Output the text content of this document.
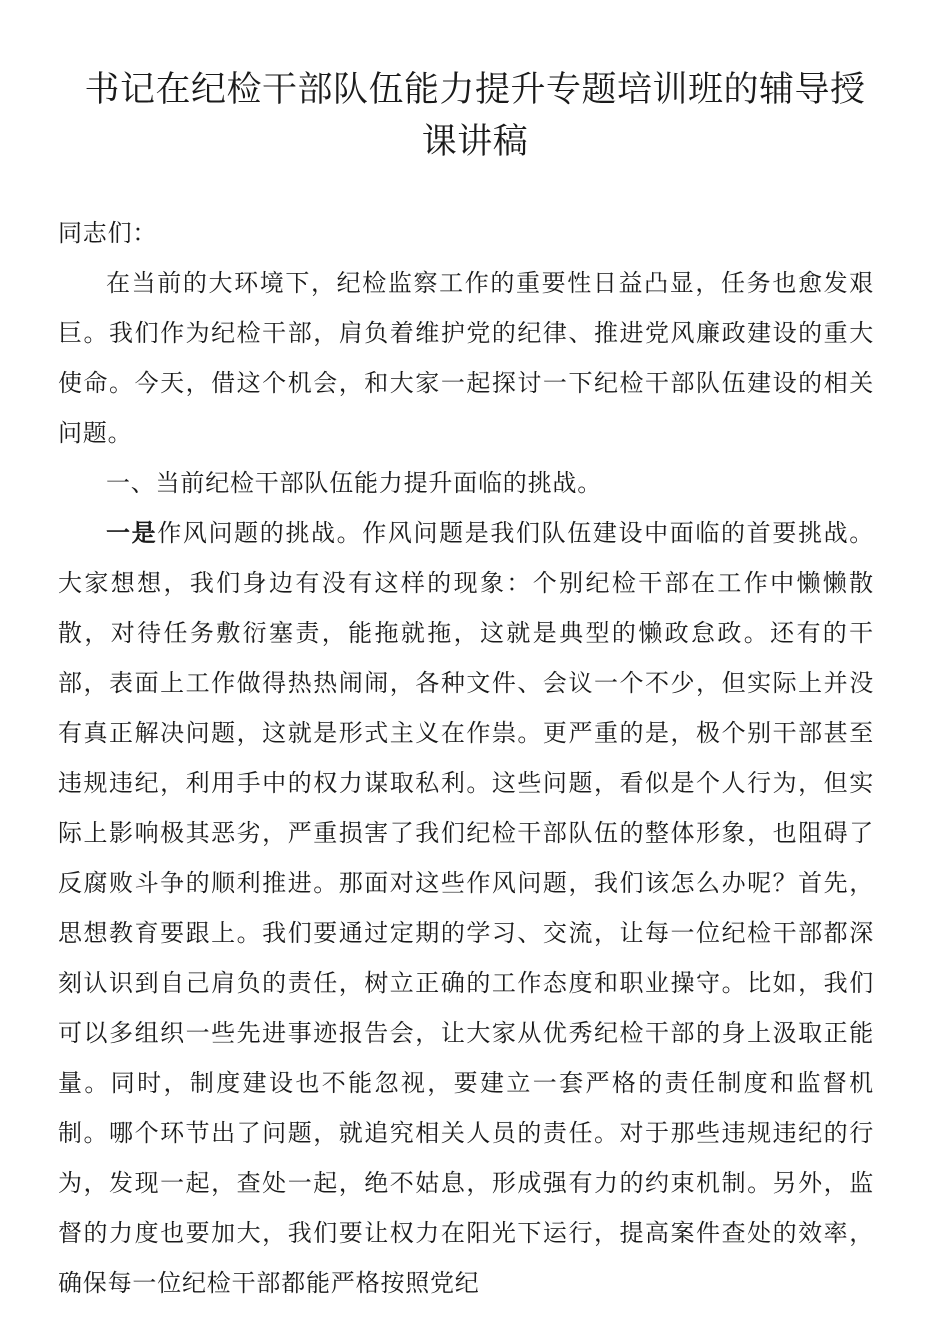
书记在纪检干部队伍能力提升专题培训班的辅导授课讲稿

同志们：

在当前的大环境下，纪检监察工作的重要性日益凸显，任务也愈发艰巨。我们作为纪检干部，肩负着维护党的纪律、推进党风廉政建设的重大使命。今天，借这个机会，和大家一起探讨一下纪检干部队伍建设的相关问题。

一、当前纪检干部队伍能力提升面临的挑战。

一是作风问题的挑战。作风问题是我们队伍建设中面临的首要挑战。大家想想，我们身边有没有这样的现象：个别纪检干部在工作中懒懒散散，对待任务敷衍塞责，能拖就拖，这就是典型的懒政怠政。还有的干部，表面上工作做得热热闹闹，各种文件、会议一个不少，但实际上并没有真正解决问题，这就是形式主义在作祟。更严重的是，极个别干部甚至违规违纪，利用手中的权力谋取私利。这些问题，看似是个人行为，但实际上影响极其恶劣，严重损害了我们纪检干部队伍的整体形象，也阻碍了反腐败斗争的顺利推进。那面对这些作风问题，我们该怎么办呢？首先，思想教育要跟上。我们要通过定期的学习、交流，让每一位纪检干部都深刻认识到自己肩负的责任，树立正确的工作态度和职业操守。比如，我们可以多组织一些先进事迹报告会，让大家从优秀纪检干部的身上汲取正能量。同时，制度建设也不能忽视，要建立一套严格的责任制度和监督机制。哪个环节出了问题，就追究相关人员的责任。对于那些违规违纪的行为，发现一起，查处一起，绝不姑息，形成强有力的约束机制。另外，监督的力度也要加大，我们要让权力在阳光下运行，提高案件查处的效率，确保每一位纪检干部都能严格按照党纪
